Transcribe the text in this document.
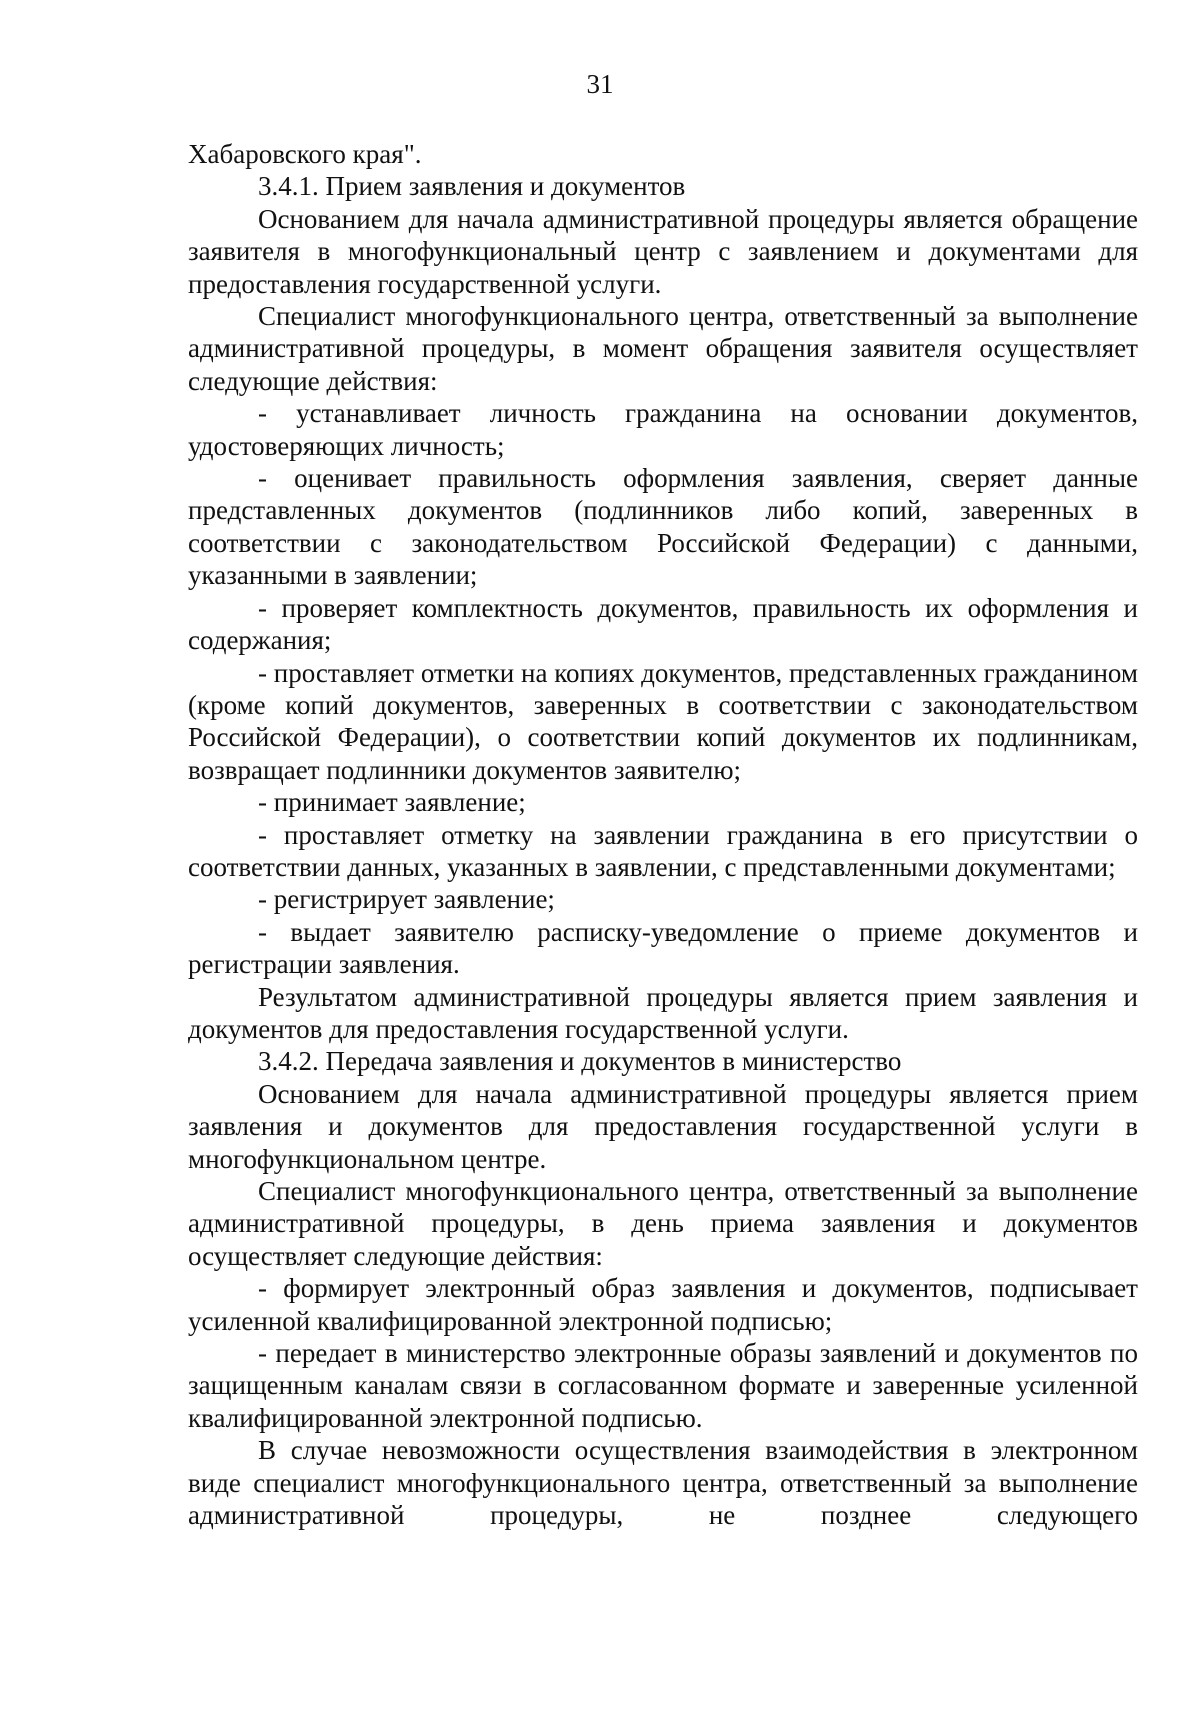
31

Хабаровского края".

3.4.1. Прием заявления и документов

Основанием для начала административной процедуры является обращение заявителя в многофункциональный центр с заявлением и документами для предоставления государственной услуги.

Специалист многофункционального центра, ответственный за выполнение административной процедуры, в момент обращения заявителя осуществляет следующие действия:

- устанавливает личность гражданина на основании документов, удостоверяющих личность;

- оценивает правильность оформления заявления, сверяет данные представленных документов (подлинников либо копий, заверенных в соответствии с законодательством Российской Федерации) с данными, указанными в заявлении;

- проверяет комплектность документов, правильность их оформления и содержания;

- проставляет отметки на копиях документов, представленных гражданином (кроме копий документов, заверенных в соответствии с законодательством Российской Федерации), о соответствии копий документов их подлинникам, возвращает подлинники документов заявителю;

- принимает заявление;

- проставляет отметку на заявлении гражданина в его присутствии о соответствии данных, указанных в заявлении, с представленными документами;

- регистрирует заявление;

- выдает заявителю расписку-уведомление о приеме документов и регистрации заявления.

Результатом административной процедуры является прием заявления и документов для предоставления государственной услуги.

3.4.2. Передача заявления и документов в министерство

Основанием для начала административной процедуры является прием заявления и документов для предоставления государственной услуги в многофункциональном центре.

Специалист многофункционального центра, ответственный за выполнение административной процедуры, в день приема заявления и документов осуществляет следующие действия:

- формирует электронный образ заявления и документов, подписывает усиленной квалифицированной электронной подписью;

- передает в министерство электронные образы заявлений и документов по защищенным каналам связи в согласованном формате и заверенные усиленной квалифицированной электронной подписью.

В случае невозможности осуществления взаимодействия в электронном виде специалист многофункционального центра, ответственный за выполнение административной процедуры, не позднее следующего
